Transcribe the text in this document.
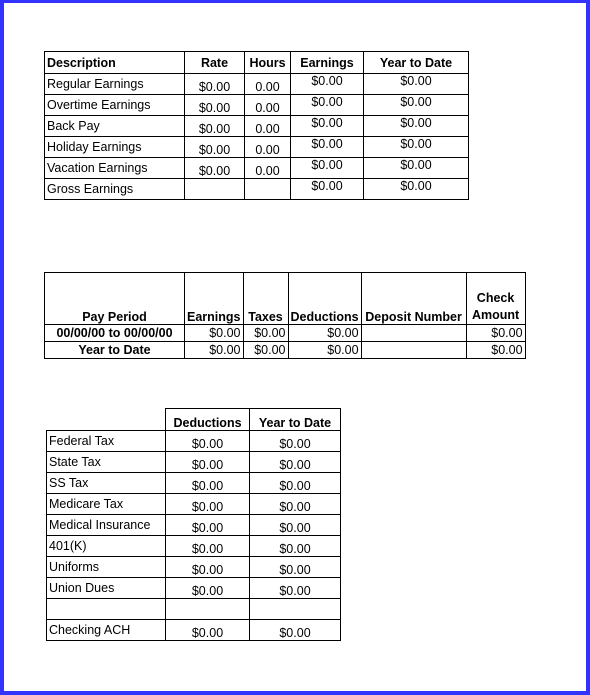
Description	Rate	Hours	Earnings	Year to Date
Regular Earnings	$0.00	0.00	$0.00	$0.00
Overtime Earnings	$0.00	0.00	$0.00	$0.00
Back Pay	$0.00	0.00	$0.00	$0.00
Holiday Earnings	$0.00	0.00	$0.00	$0.00
Vacation Earnings	$0.00	0.00	$0.00	$0.00
Gross Earnings			$0.00	$0.00
Pay Period	Earnings	Taxes	Deductions	Deposit Number	Check
Amount
00/00/00 to 00/00/00	$0.00	$0.00	$0.00		$0.00
Year to Date	$0.00	$0.00	$0.00		$0.00
	Deductions	Year to Date
Federal Tax	$0.00	$0.00
State Tax	$0.00	$0.00
SS Tax	$0.00	$0.00
Medicare Tax	$0.00	$0.00
Medical Insurance	$0.00	$0.00
401(K)	$0.00	$0.00
Uniforms	$0.00	$0.00
Union Dues	$0.00	$0.00

Checking ACH	$0.00	$0.00
